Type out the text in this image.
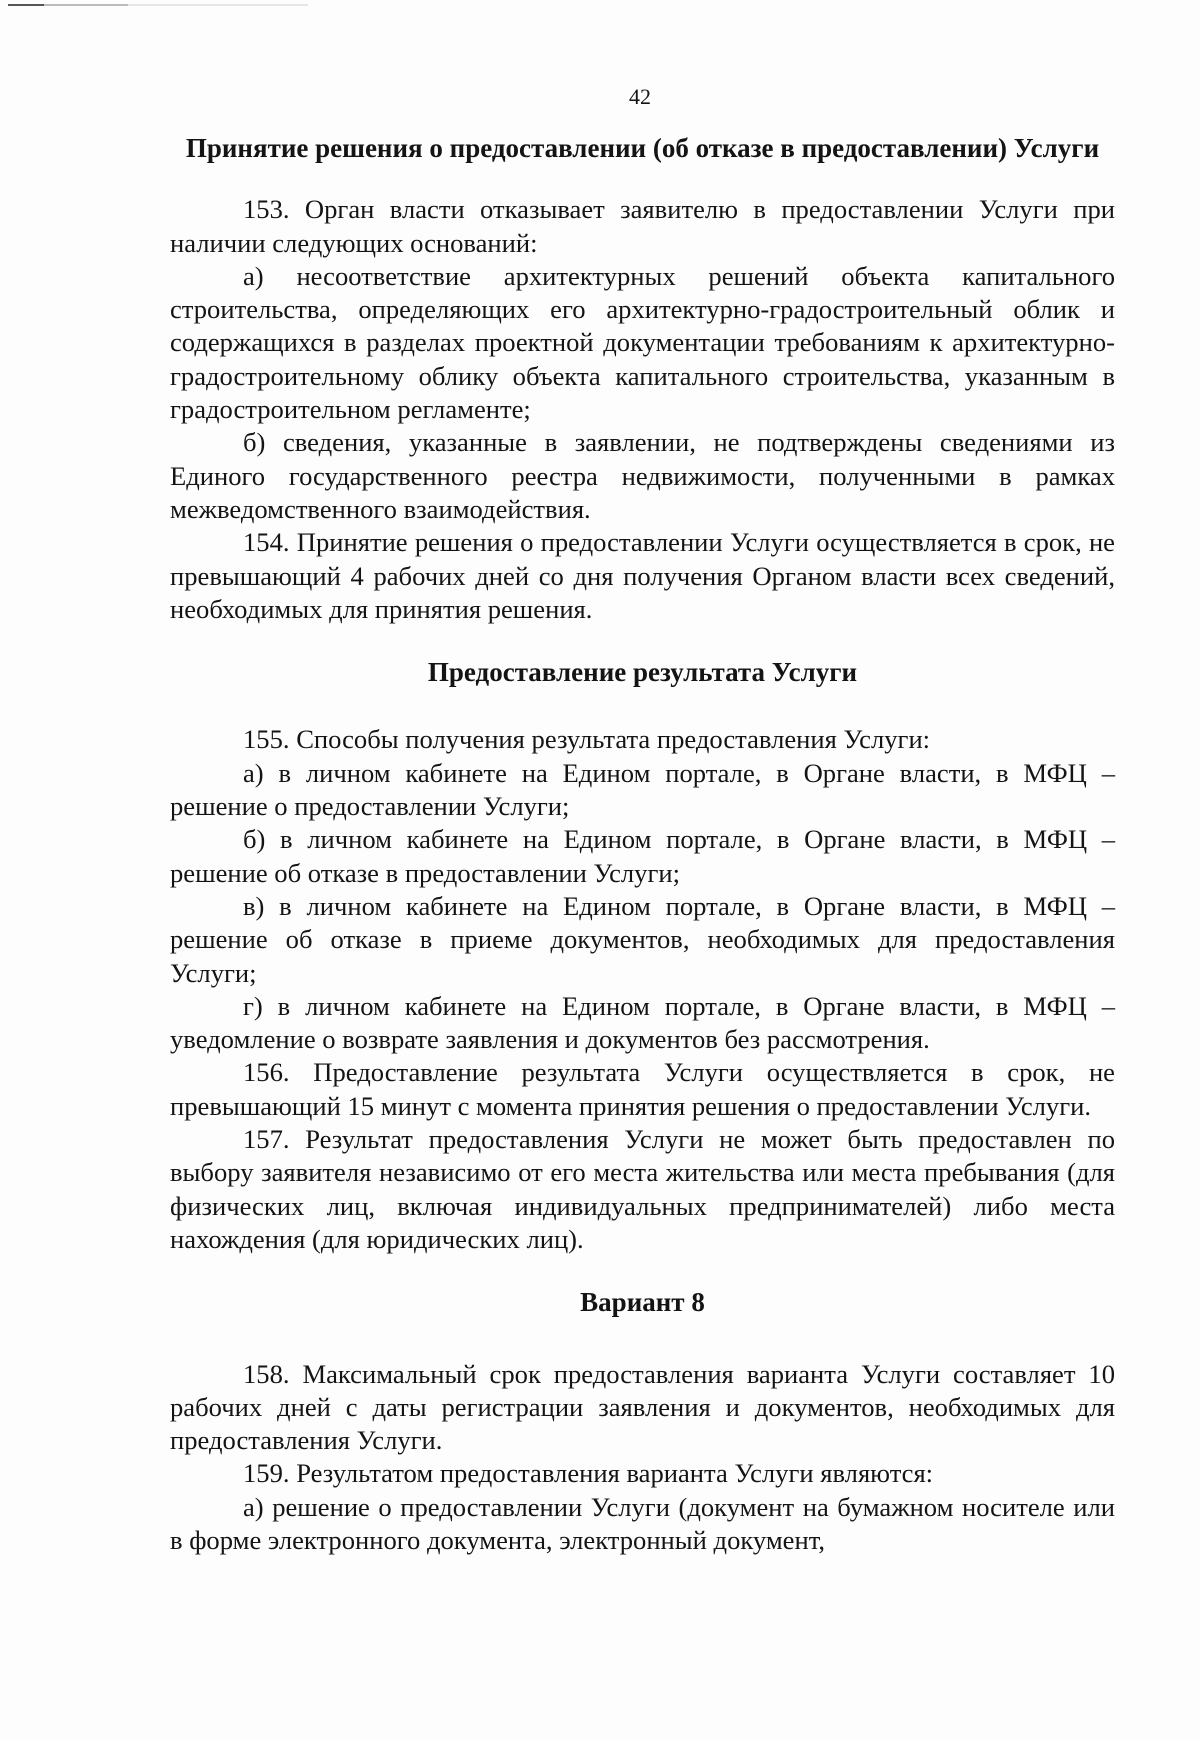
42
Принятие решения о предоставлении (об отказе в предоставлении) Услуги

153. Орган власти отказывает заявителю в предоставлении Услуги при наличии следующих оснований:

а) несоответствие архитектурных решений объекта капитального строительства, определяющих его архитектурно-градостроительный облик и содержащихся в разделах проектной документации требованиям к архитектурно-градостроительному облику объекта капитального строительства, указанным в градостроительном регламенте;

б) сведения, указанные в заявлении, не подтверждены сведениями из Единого государственного реестра недвижимости, полученными в рамках межведомственного взаимодействия.

154. Принятие решения о предоставлении Услуги осуществляется в срок, не превышающий 4 рабочих дней со дня получения Органом власти всех сведений, необходимых для принятия решения.

Предоставление результата Услуги

155. Способы получения результата предоставления Услуги:

а) в личном кабинете на Едином портале, в Органе власти, в МФЦ – решение о предоставлении Услуги;

б) в личном кабинете на Едином портале, в Органе власти, в МФЦ – решение об отказе в предоставлении Услуги;

в) в личном кабинете на Едином портале, в Органе власти, в МФЦ – решение об отказе в приеме документов, необходимых для предоставления Услуги;

г) в личном кабинете на Едином портале, в Органе власти, в МФЦ – уведомление о возврате заявления и документов без рассмотрения.

156. Предоставление результата Услуги осуществляется в срок, не превышающий 15 минут с момента принятия решения о предоставлении Услуги.

157. Результат предоставления Услуги не может быть предоставлен по выбору заявителя независимо от его места жительства или места пребывания (для физических лиц, включая индивидуальных предпринимателей) либо места нахождения (для юридических лиц).

Вариант 8

158. Максимальный срок предоставления варианта Услуги составляет 10 рабочих дней с даты регистрации заявления и документов, необходимых для предоставления Услуги.

159. Результатом предоставления варианта Услуги являются:

а) решение о предоставлении Услуги (документ на бумажном носителе или в форме электронного документа, электронный документ,
